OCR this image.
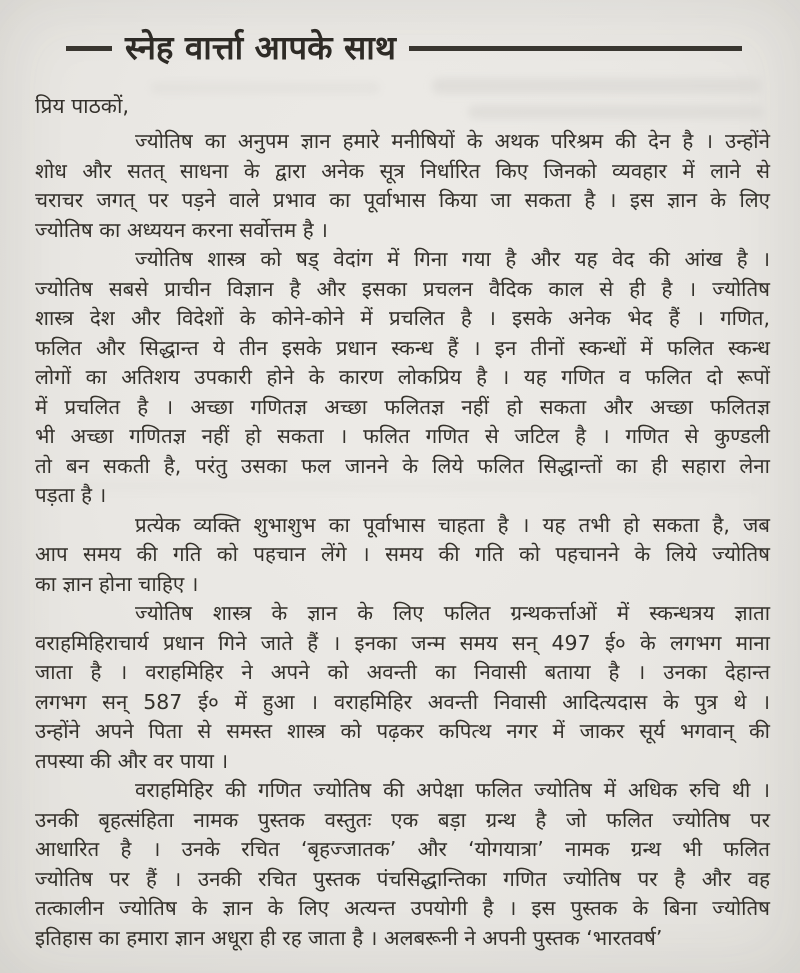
स्नेह वार्त्ता आपके साथ

प्रिय पाठकों,

ज्योतिष का अनुपम ज्ञान हमारे मनीषियों के अथक परिश्रम की देन है । उन्होंने
शोध और सतत् साधना के द्वारा अनेक सूत्र निर्धारित किए जिनको व्यवहार में लाने से
चराचर जगत् पर पड़ने वाले प्रभाव का पूर्वाभास किया जा सकता है । इस ज्ञान के लिए
ज्योतिष का अध्ययन करना सर्वोत्तम है ।
ज्योतिष शास्त्र को षड् वेदांग में गिना गया है और यह वेद की आंख है ।
ज्योतिष सबसे प्राचीन विज्ञान है और इसका प्रचलन वैदिक काल से ही है । ज्योतिष
शास्त्र देश और विदेशों के कोने-कोने में प्रचलित है । इसके अनेक भेद हैं । गणित,
फलित और सिद्धान्त ये तीन इसके प्रधान स्कन्ध हैं । इन तीनों स्कन्धों में फलित स्कन्ध
लोगों का अतिशय उपकारी होने के कारण लोकप्रिय है । यह गणित व फलित दो रूपों
में प्रचलित है । अच्छा गणितज्ञ अच्छा फलितज्ञ नहीं हो सकता और अच्छा फलितज्ञ
भी अच्छा गणितज्ञ नहीं हो सकता । फलित गणित से जटिल है । गणित से कुण्डली
तो बन सकती है, परंतु उसका फल जानने के लिये फलित सिद्धान्तों का ही सहारा लेना
पड़ता है ।
प्रत्येक व्यक्ति शुभाशुभ का पूर्वाभास चाहता है । यह तभी हो सकता है, जब
आप समय की गति को पहचान लेंगे । समय की गति को पहचानने के लिये ज्योतिष
का ज्ञान होना चाहिए ।
ज्योतिष शास्त्र के ज्ञान के लिए फलित ग्रन्थकर्त्ताओं में स्कन्धत्रय ज्ञाता
वराहमिहिराचार्य प्रधान गिने जाते हैं । इनका जन्म समय सन् 497 ई० के लगभग माना
जाता है । वराहमिहिर ने अपने को अवन्ती का निवासी बताया है । उनका देहान्त
लगभग सन् 587 ई० में हुआ । वराहमिहिर अवन्ती निवासी आदित्यदास के पुत्र थे ।
उन्होंने अपने पिता से समस्त शास्त्र को पढ़कर कपित्थ नगर में जाकर सूर्य भगवान् की
तपस्या की और वर पाया ।
वराहमिहिर की गणित ज्योतिष की अपेक्षा फलित ज्योतिष में अधिक रुचि थी ।
उनकी बृहत्संहिता नामक पुस्तक वस्तुतः एक बड़ा ग्रन्थ है जो फलित ज्योतिष पर
आधारित है । उनके रचित ‘बृहज्जातक’ और ‘योगयात्रा’ नामक ग्रन्थ भी फलित
ज्योतिष पर हैं । उनकी रचित पुस्तक पंचसिद्धान्तिका गणित ज्योतिष पर है और वह
तत्कालीन ज्योतिष के ज्ञान के लिए अत्यन्त उपयोगी है । इस पुस्तक के बिना ज्योतिष
इतिहास का हमारा ज्ञान अधूरा ही रह जाता है । अलबरूनी ने अपनी पुस्तक ‘भारतवर्ष’
